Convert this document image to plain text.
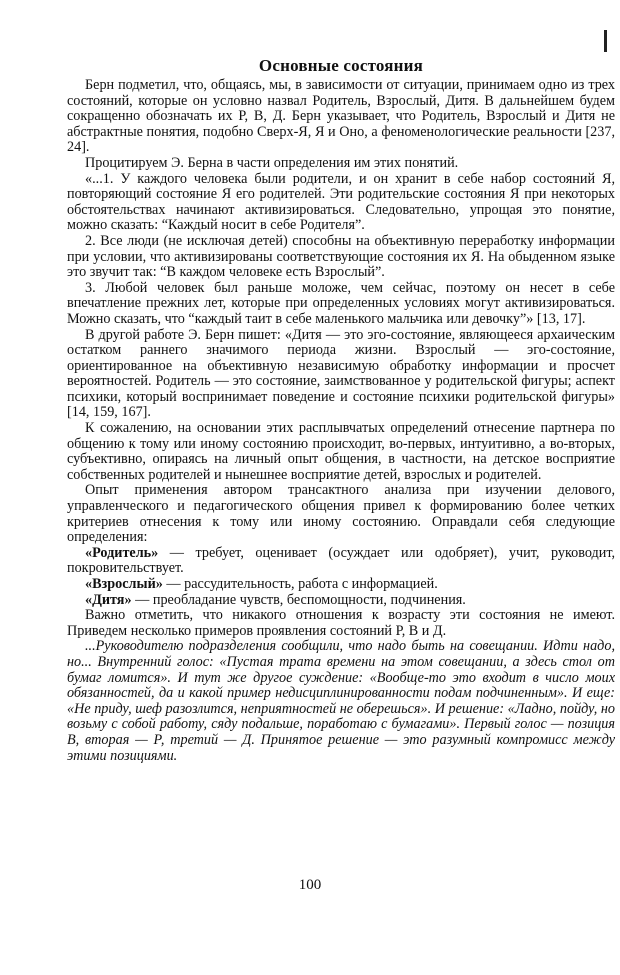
Основные состояния

Берн подметил, что, общаясь, мы, в зависимости от ситуации, принимаем одно из трех состояний, которые он условно назвал Родитель, Взрослый, Дитя. В дальнейшем будем сокращенно обозначать их Р, В, Д. Берн указывает, что Родитель, Взрослый и Дитя не абстрактные понятия, подобно Сверх-Я, Я и Оно, а феноменологические реальности [237, 24].

Процитируем Э. Берна в части определения им этих понятий.

«...1. У каждого человека были родители, и он хранит в себе набор состояний Я, повторяющий состояние Я его родителей. Эти родительские состояния Я при некоторых обстоятельствах начинают активизироваться. Следовательно, упрощая это понятие, можно сказать: “Каждый носит в себе Родителя”.

2. Все люди (не исключая детей) способны на объективную переработку информации при условии, что активизированы соответствующие состояния их Я. На обыденном языке это звучит так: “В каждом человеке есть Взрослый”.

3. Любой человек был раньше моложе, чем сейчас, поэтому он несет в себе впечатление прежних лет, которые при определенных условиях могут активизироваться. Можно сказать, что “каждый таит в себе маленького мальчика или девочку”» [13, 17].

В другой работе Э. Берн пишет: «Дитя — это эго-состояние, являющееся архаическим остатком раннего значимого периода жизни. Взрослый — эго-состояние, ориентированное на объективную независимую обработку информации и просчет вероятностей. Родитель — это состояние, заимствованное у родительской фигуры; аспект психики, который воспринимает поведение и состояние психики родительской фигуры» [14, 159, 167].

К сожалению, на основании этих расплывчатых определений отнесение партнера по общению к тому или иному состоянию происходит, во-первых, интуитивно, а во-вторых, субъективно, опираясь на личный опыт общения, в частности, на детское восприятие собственных родителей и нынешнее восприятие детей, взрослых и родителей.

Опыт применения автором трансактного анализа при изучении делового, управленческого и педагогического общения привел к формированию более четких критериев отнесения к тому или иному состоянию. Оправдали себя следующие определения:

«Родитель» — требует, оценивает (осуждает или одобряет), учит, руководит, покровительствует.

«Взрослый» — рассудительность, работа с информацией.

«Дитя» — преобладание чувств, беспомощности, подчинения.

Важно отметить, что никакого отношения к возрасту эти состояния не имеют. Приведем несколько примеров проявления состояний Р, В и Д.

...Руководителю подразделения сообщили, что надо быть на совещании. Идти надо, но... Внутренний голос: «Пустая трата времени на этом совещании, а здесь стол от бумаг ломится». И тут же другое суждение: «Вообще-то это входит в число моих обязанностей, да и какой пример недисциплинированности подам подчиненным». И еще: «Не приду, шеф разозлится, неприятностей не оберешься». И решение: «Ладно, пойду, но возьму с собой работу, сяду подальше, поработаю с бумагами». Первый голос — позиция В, вторая — Р, третий — Д. Принятое решение — это разумный компромисс между этими позициями.

100
